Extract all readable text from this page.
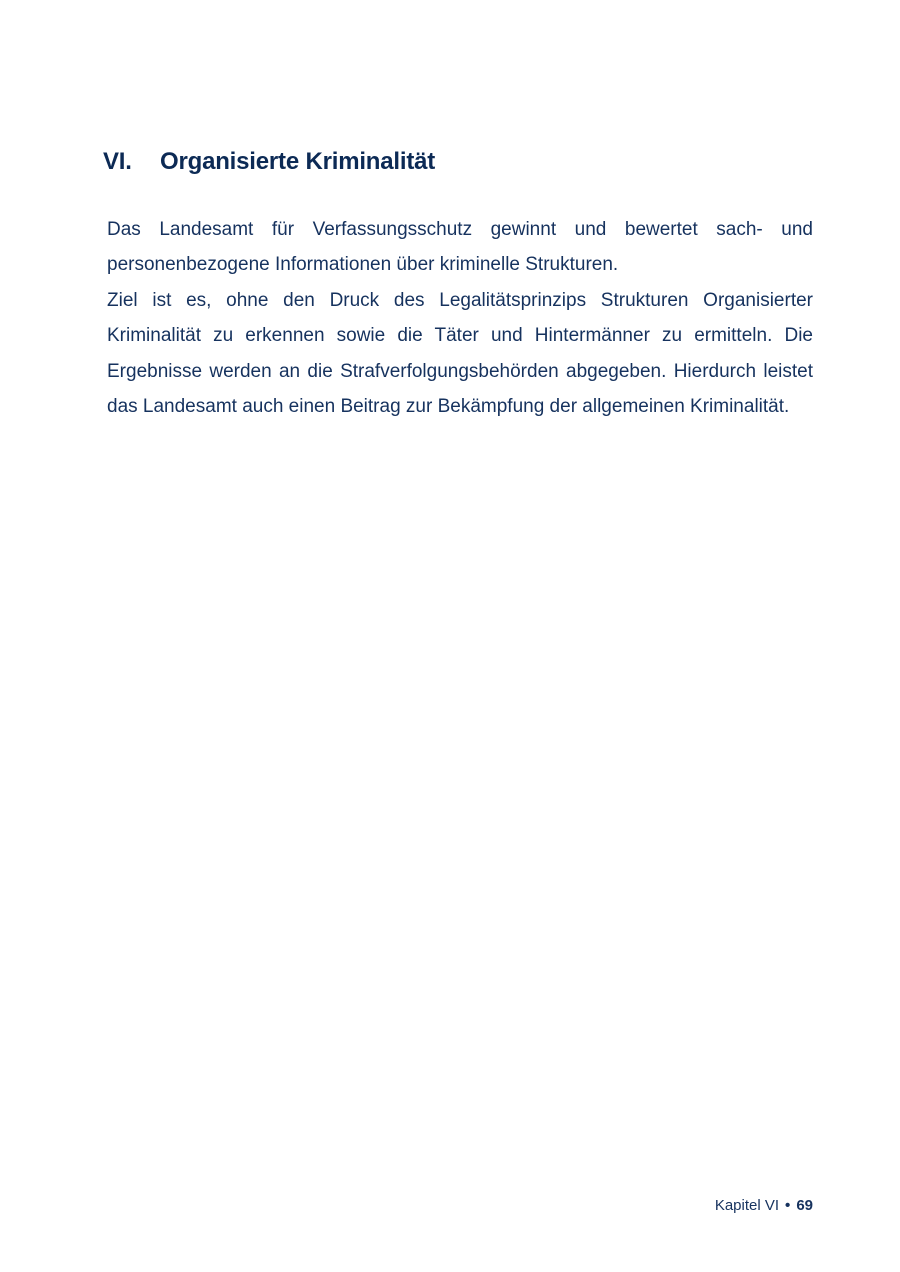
VI.	Organisierte Kriminalität

Das Landesamt für Verfassungsschutz gewinnt und bewertet sach- und personenbezogene Informationen über kriminelle Strukturen.

Ziel ist es, ohne den Druck des Legalitätsprinzips Strukturen Organisierter Kriminalität zu erkennen sowie die Täter und Hintermänner zu ermitteln. Die Ergebnisse werden an die Strafverfolgungsbehörden abgegeben. Hierdurch leistet das Landesamt auch einen Beitrag zur Bekämpfung der allgemeinen Kriminalität.

Kapitel VI • 69
